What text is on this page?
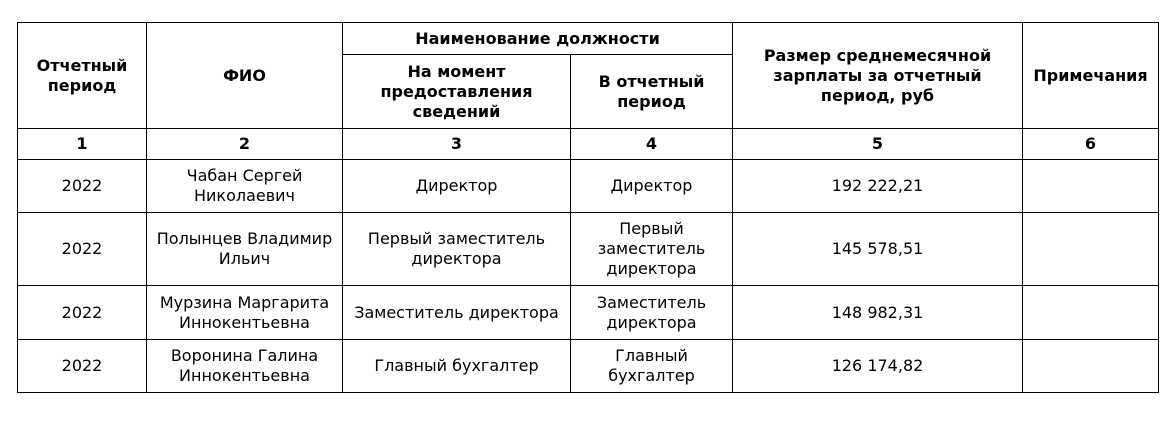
Отчетный период	ФИО	Наименование должности		Размер среднемесячной зарплаты за отчетный период, руб	Примечания
		На момент предоставления сведений	В отчетный период		
1	2	3	4	5	6
2022	Чабан Сергей Николаевич	Директор	Директор	192 222,21	
2022	Полынцев Владимир Ильич	Первый заместитель директора	Первый заместитель директора	145 578,51	
2022	Мурзина Маргарита Иннокентьевна	Заместитель директора	Заместитель директора	148 982,31	
2022	Воронина Галина Иннокентьевна	Главный бухгалтер	Главный бухгалтер	126 174,82	
